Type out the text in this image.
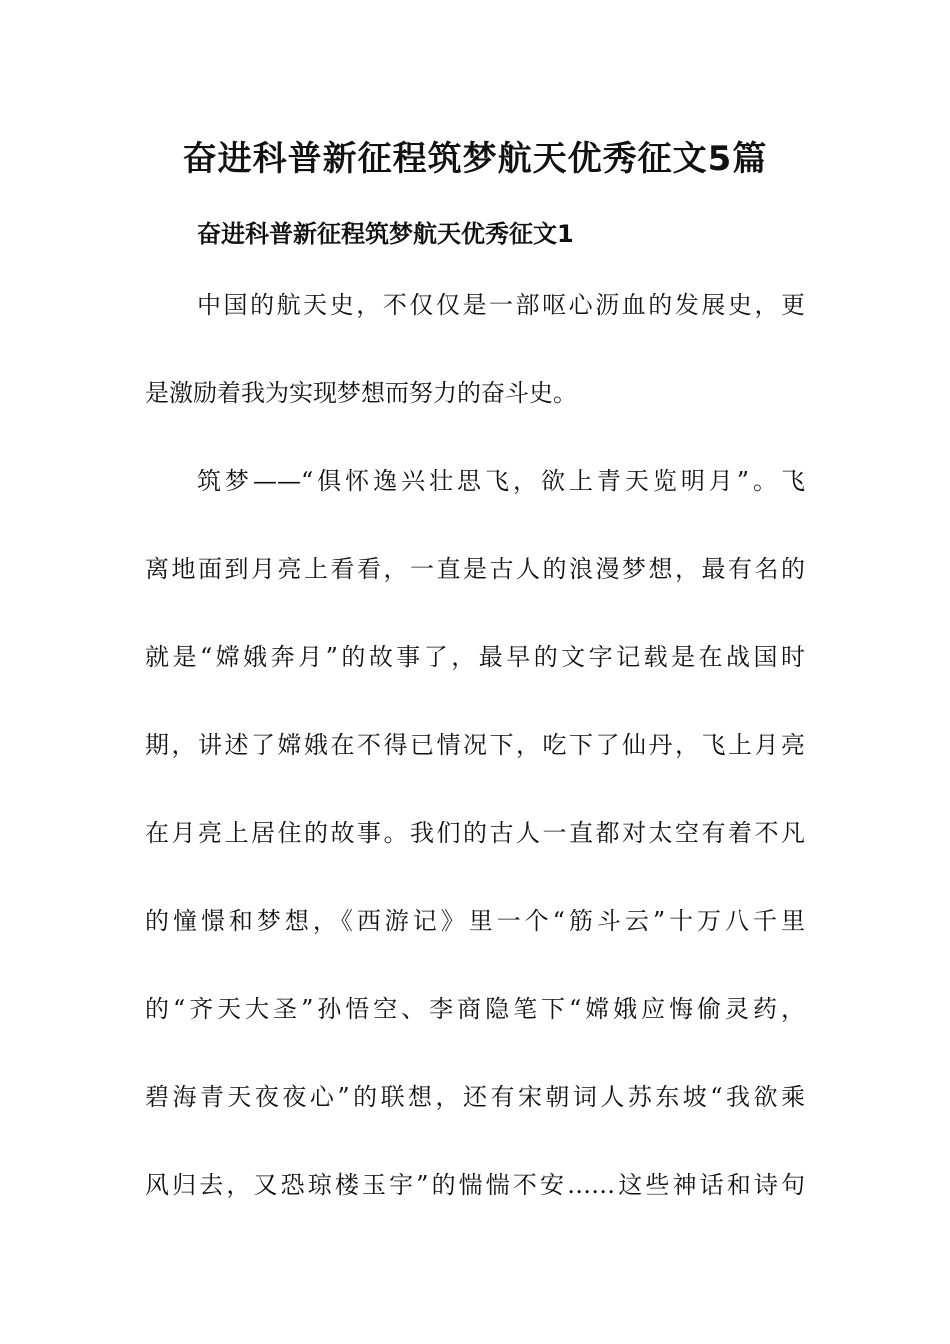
奋进科普新征程筑梦航天优秀征文5篇
奋进科普新征程筑梦航天优秀征文1

中国的航天史，不仅仅是一部呕心沥血的发展史，更
是激励着我为实现梦想而努力的奋斗史。

筑梦——“俱怀逸兴壮思飞，欲上青天览明月”。飞
离地面到月亮上看看，一直是古人的浪漫梦想，最有名的
就是“嫦娥奔月”的故事了，最早的文字记载是在战国时
期，讲述了嫦娥在不得已情况下，吃下了仙丹，飞上月亮
在月亮上居住的故事。我们的古人一直都对太空有着不凡
的憧憬和梦想，《西游记》里一个“筋斗云”十万八千里
的“齐天大圣”孙悟空、李商隐笔下“嫦娥应悔偷灵药，
碧海青天夜夜心”的联想，还有宋朝词人苏东坡“我欲乘
风归去，又恐琼楼玉宇”的惴惴不安……这些神话和诗句
